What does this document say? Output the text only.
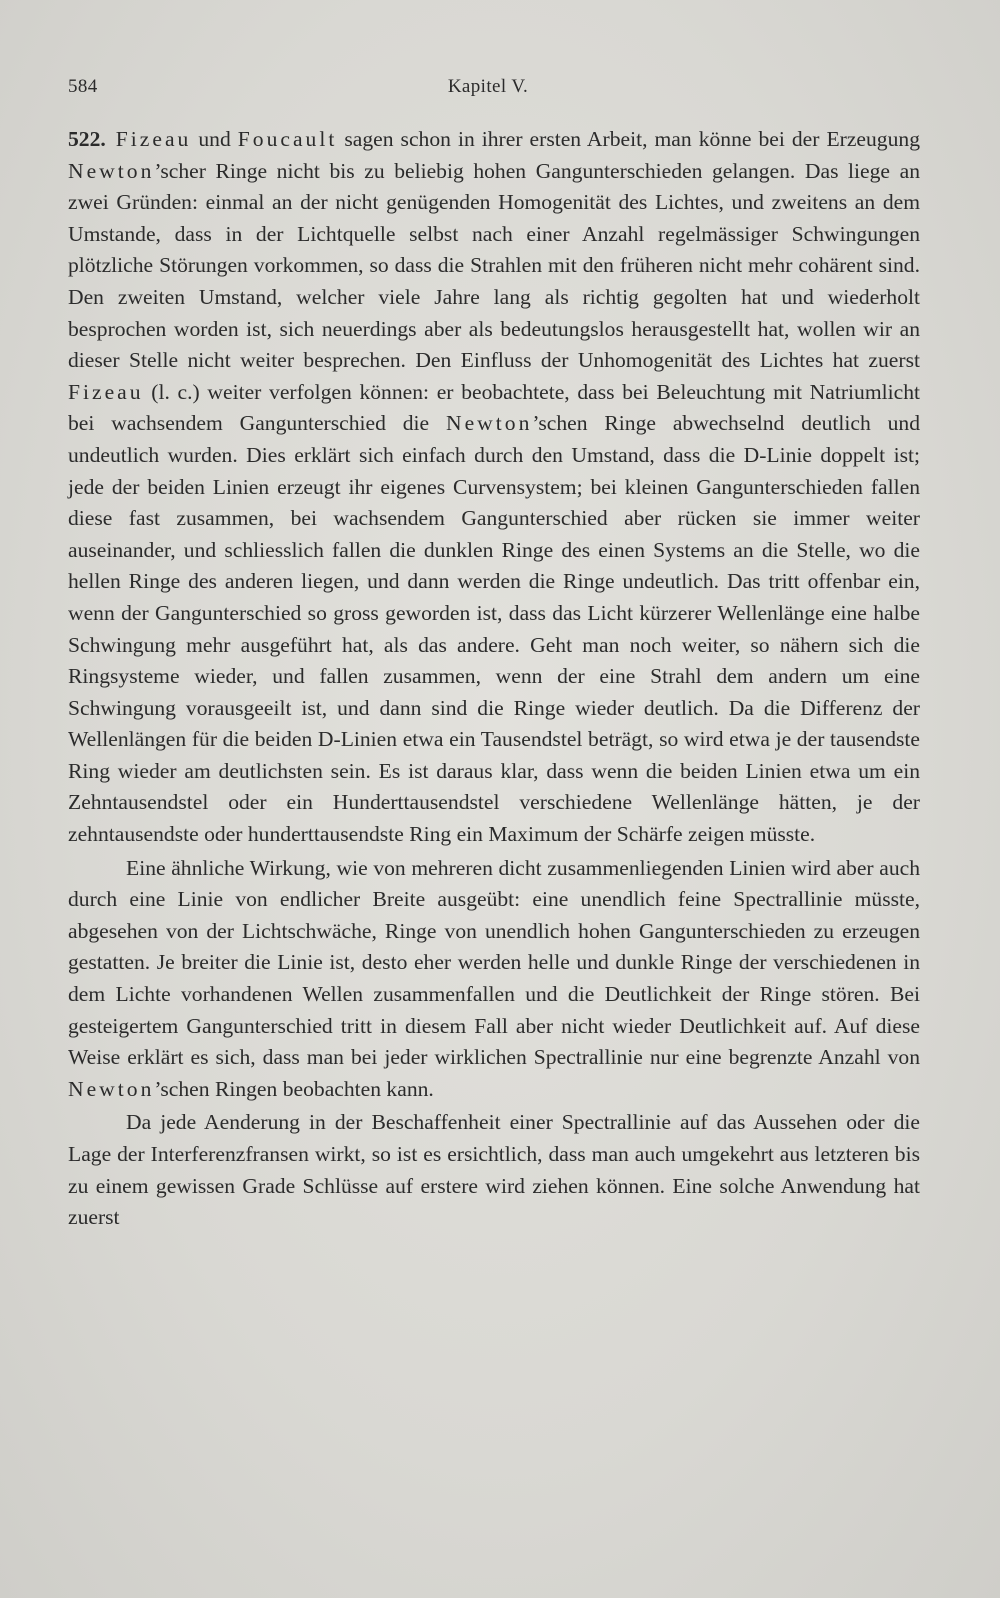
584	Kapitel V.

522. Fizeau und Foucault sagen schon in ihrer ersten Arbeit, man könne bei der Erzeugung Newton’scher Ringe nicht bis zu beliebig hohen Gangunterschieden gelangen. Das liege an zwei Gründen: einmal an der nicht genügenden Homogenität des Lichtes, und zweitens an dem Umstande, dass in der Lichtquelle selbst nach einer Anzahl regelmässiger Schwingungen plötzliche Störungen vorkommen, so dass die Strahlen mit den früheren nicht mehr cohärent sind. Den zweiten Umstand, welcher viele Jahre lang als richtig gegolten hat und wiederholt besprochen worden ist, sich neuerdings aber als bedeutungslos herausgestellt hat, wollen wir an dieser Stelle nicht weiter besprechen. Den Einfluss der Unhomogenität des Lichtes hat zuerst Fizeau (l. c.) weiter verfolgen können: er beobachtete, dass bei Beleuchtung mit Natriumlicht bei wachsendem Gangunterschied die Newton’schen Ringe abwechselnd deutlich und undeutlich wurden. Dies erklärt sich einfach durch den Umstand, dass die D-Linie doppelt ist; jede der beiden Linien erzeugt ihr eigenes Curvensystem; bei kleinen Gangunterschieden fallen diese fast zusammen, bei wachsendem Gangunterschied aber rücken sie immer weiter auseinander, und schliesslich fallen die dunklen Ringe des einen Systems an die Stelle, wo die hellen Ringe des anderen liegen, und dann werden die Ringe undeutlich. Das tritt offenbar ein, wenn der Gangunterschied so gross geworden ist, dass das Licht kürzerer Wellenlänge eine halbe Schwingung mehr ausgeführt hat, als das andere. Geht man noch weiter, so nähern sich die Ringsysteme wieder, und fallen zusammen, wenn der eine Strahl dem andern um eine Schwingung vorausgeeilt ist, und dann sind die Ringe wieder deutlich. Da die Differenz der Wellenlängen für die beiden D-Linien etwa ein Tausendstel beträgt, so wird etwa je der tausendste Ring wieder am deutlichsten sein. Es ist daraus klar, dass wenn die beiden Linien etwa um ein Zehntausendstel oder ein Hunderttausendstel verschiedene Wellenlänge hätten, je der zehntausendste oder hunderttausendste Ring ein Maximum der Schärfe zeigen müsste.

Eine ähnliche Wirkung, wie von mehreren dicht zusammenliegenden Linien wird aber auch durch eine Linie von endlicher Breite ausgeübt: eine unendlich feine Spectrallinie müsste, abgesehen von der Lichtschwäche, Ringe von unendlich hohen Gangunterschieden zu erzeugen gestatten. Je breiter die Linie ist, desto eher werden helle und dunkle Ringe der verschiedenen in dem Lichte vorhandenen Wellen zusammenfallen und die Deutlichkeit der Ringe stören. Bei gesteigertem Gangunterschied tritt in diesem Fall aber nicht wieder Deutlichkeit auf. Auf diese Weise erklärt es sich, dass man bei jeder wirklichen Spectrallinie nur eine begrenzte Anzahl von Newton’schen Ringen beobachten kann.

Da jede Aenderung in der Beschaffenheit einer Spectrallinie auf das Aussehen oder die Lage der Interferenzfransen wirkt, so ist es ersichtlich, dass man auch umgekehrt aus letzteren bis zu einem gewissen Grade Schlüsse auf erstere wird ziehen können. Eine solche Anwendung hat zuerst
